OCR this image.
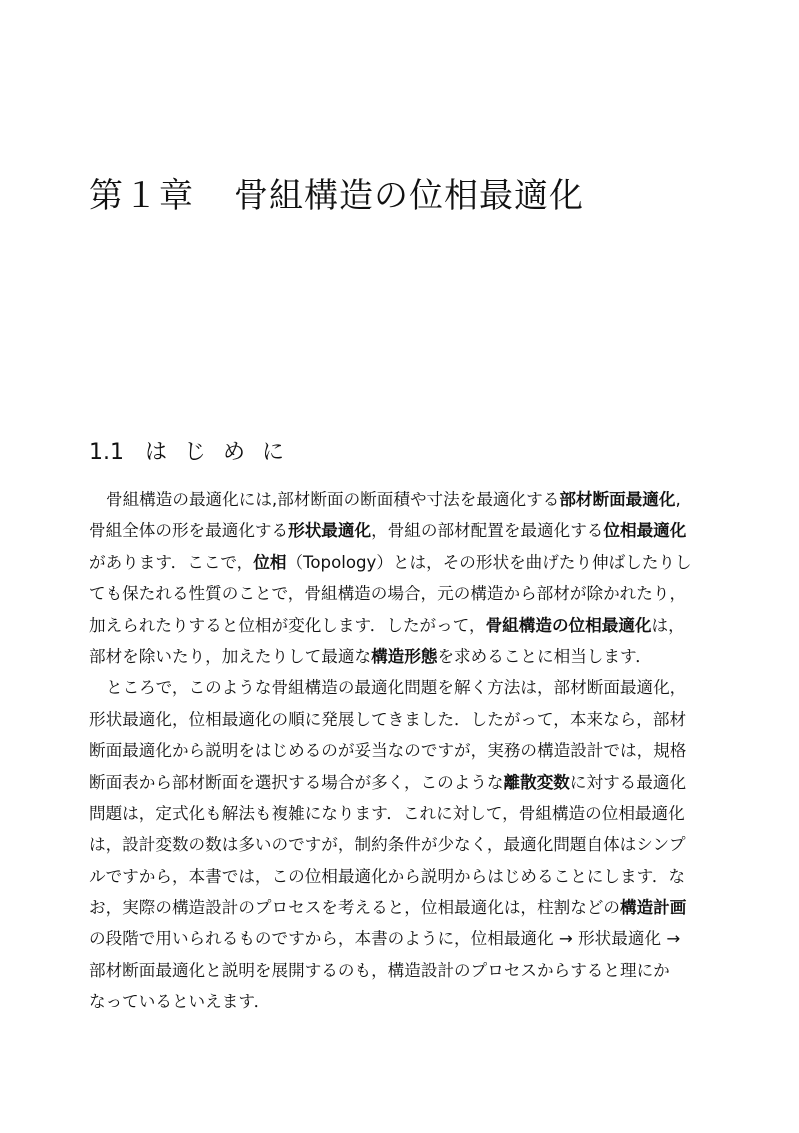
第１章 骨組構造の位相最適化
1.1 はじめに
骨組構造の最適化には,部材断面の断面積や寸法を最適化する部材断面最適化,
骨組全体の形を最適化する形状最適化，骨組の部材配置を最適化する位相最適化
があります．ここで，位相（Topology）とは，その形状を曲げたり伸ばしたりし
ても保たれる性質のことで，骨組構造の場合，元の構造から部材が除かれたり，
加えられたりすると位相が変化します．したがって，骨組構造の位相最適化は，
部材を除いたり，加えたりして最適な構造形態を求めることに相当します．
ところで，このような骨組構造の最適化問題を解く方法は，部材断面最適化，
形状最適化，位相最適化の順に発展してきました．したがって，本来なら，部材
断面最適化から説明をはじめるのが妥当なのですが，実務の構造設計では，規格
断面表から部材断面を選択する場合が多く，このような離散変数に対する最適化
問題は，定式化も解法も複雑になります．これに対して，骨組構造の位相最適化
は，設計変数の数は多いのですが，制約条件が少なく，最適化問題自体はシンプ
ルですから，本書では，この位相最適化から説明からはじめることにします．な
お，実際の構造設計のプロセスを考えると，位相最適化は，柱割などの構造計画
の段階で用いられるものですから，本書のように，位相最適化 → 形状最適化 →
部材断面最適化と説明を展開するのも，構造設計のプロセスからすると理にか
なっているといえます．
